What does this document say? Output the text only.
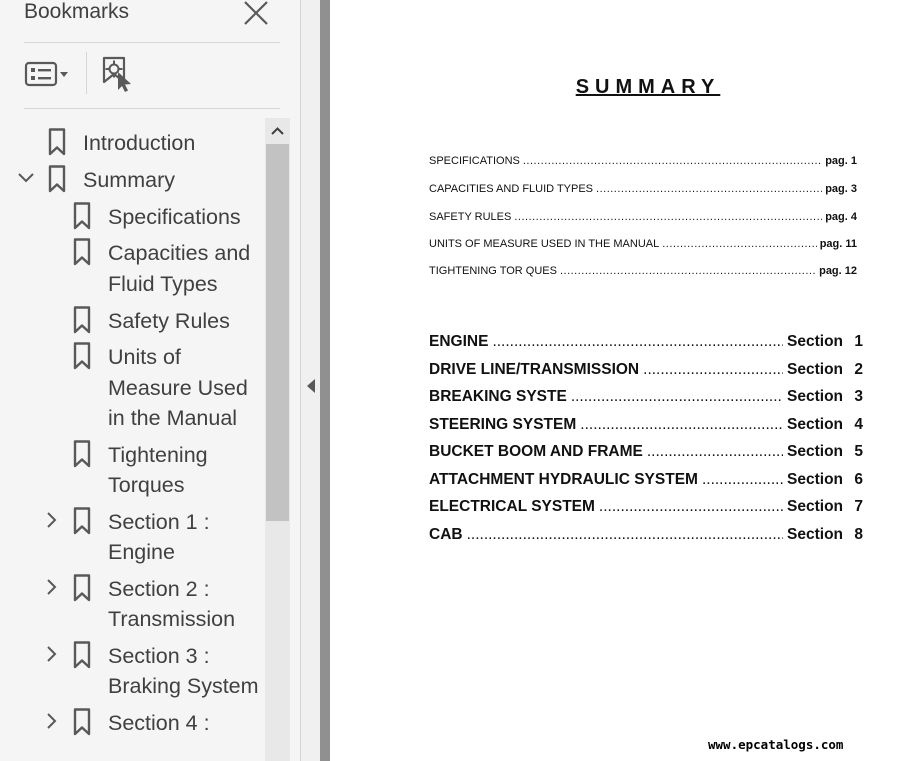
Bookmarks
Introduction
Summary
Specifications
Capacities and
Fluid Types
Safety Rules
Units of
Measure Used
in the Manual
Tightening
Torques
Section 1 :
Engine
Section 2 :
Transmission
Section 3 :
Braking System
Section 4 :
SUMMARY
SPECIFICATIONS .....	pag. 1
CAPACITIES AND FLUID TYPES .....	pag. 3
SAFETY RULES .....	pag. 4
UNITS OF MEASURE USED IN THE MANUAL .....	pag. 11
TIGHTENING TOR QUES .....	pag. 12
ENGINE .....	Section 1
DRIVE LINE/TRANSMISSION .....	Section 2
BREAKING SYSTE .....	Section 3
STEERING SYSTEM .....	Section 4
BUCKET BOOM AND FRAME .....	Section 5
ATTACHMENT HYDRAULIC SYSTEM .....	Section 6
ELECTRICAL SYSTEM .....	Section 7
CAB .....	Section 8
www.epcatalogs.com
